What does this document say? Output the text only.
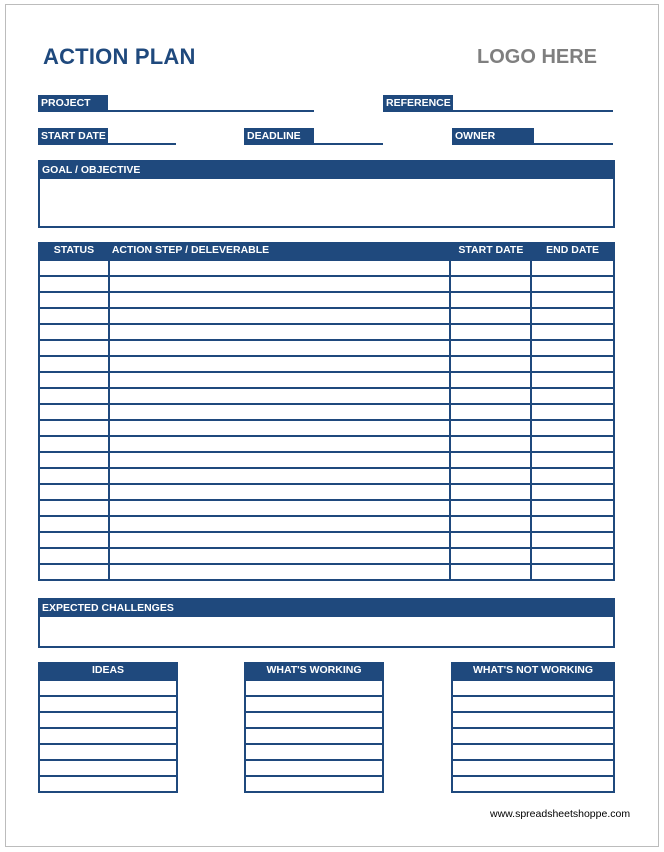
ACTION PLAN	LOGO HERE
PROJECT	REFERENCE
START DATE	DEADLINE	OWNER
GOAL / OBJECTIVE
STATUS	ACTION STEP / DELEVERABLE	START DATE	END DATE

EXPECTED CHALLENGES
IDEAS	WHAT'S WORKING	WHAT'S NOT WORKING

www.spreadsheetshoppe.com
